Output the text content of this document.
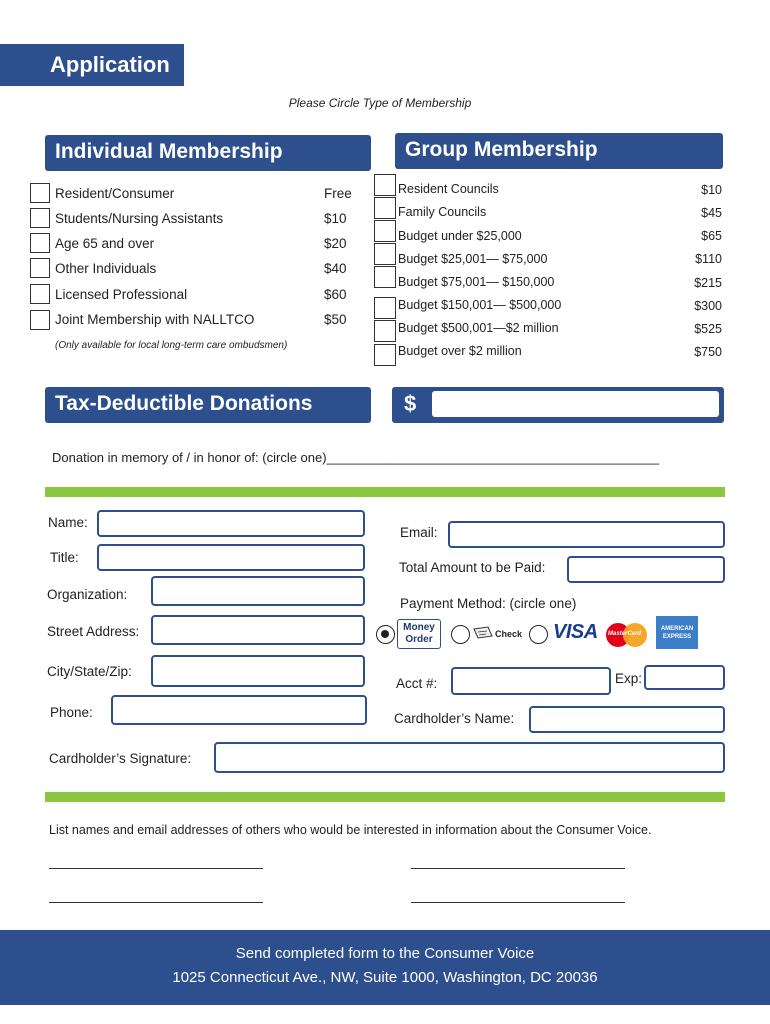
Application
Please Circle Type of Membership
Individual Membership
Resident/Consumer	Free
Students/Nursing Assistants	$10
Age 65 and over	$20
Other Individuals	$40
Licensed Professional	$60
Joint Membership with NALLTCO	$50
(Only available for local long-term care ombudsmen)
Group Membership
Resident Councils	$10
Family Councils	$45
Budget under $25,000	$65
Budget $25,001— $75,000	$110
Budget $75,001— $150,000	$215
Budget $150,001— $500,000	$300
Budget $500,001—$2 million	$525
Budget over $2 million	$750
Tax-Deductible Donations	$
Donation in memory of / in honor of: (circle one)______________________________________________
Name:
Title:
Organization:
Street Address:
City/State/Zip:
Phone:
Cardholder’s Signature:
Email:
Total Amount to be Paid:
Payment Method: (circle one)
Money
Order	Check VISA MasterCard
AMERICAN
EXPRESS
Acct #:	Exp:
Cardholder’s Name:
List names and email addresses of others who would be interested in information about the Consumer Voice.
Send completed form to the Consumer Voice
1025 Connecticut Ave., NW, Suite 1000, Washington, DC 20036
